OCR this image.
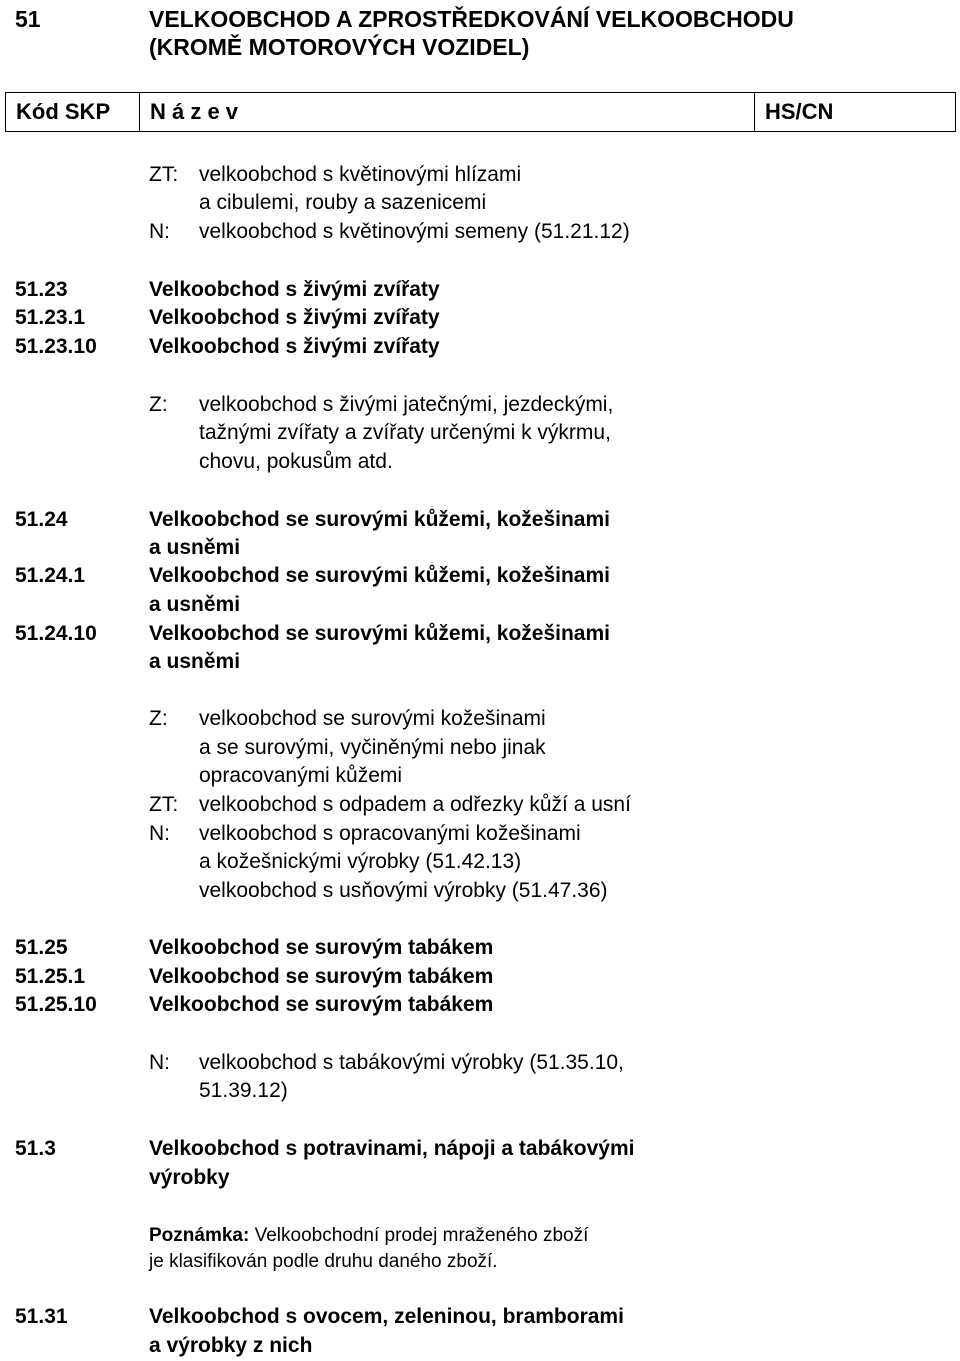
51	VELKOOBCHOD A ZPROSTŘEDKOVÁNÍ VELKOOBCHODU
(KROMĚ MOTOROVÝCH VOZIDEL)
Kód SKP	N á z e v	HS/CN
ZT: velkoobchod s květinovými hlízami
a cibulemi, rouby a sazenicemi
N: velkoobchod s květinovými semeny (51.21.12)
51.23	Velkoobchod s živými zvířaty
51.23.1	Velkoobchod s živými zvířaty
51.23.10 Velkoobchod s živými zvířaty
Z: velkoobchod s živými jatečnými, jezdeckými,
tažnými zvířaty a zvířaty určenými k výkrmu,
chovu, pokusům atd.
51.24	Velkoobchod se surovými kůžemi, kožešinami
a usněmi
51.24.1	Velkoobchod se surovými kůžemi, kožešinami
a usněmi
51.24.10 Velkoobchod se surovými kůžemi, kožešinami
a usněmi
Z: velkoobchod se surovými kožešinami
a se surovými, vyčiněnými nebo jinak
opracovanými kůžemi
ZT: velkoobchod s odpadem a odřezky kůží a usní
N: velkoobchod s opracovanými kožešinami
a kožešnickými výrobky (51.42.13)
velkoobchod s usňovými výrobky (51.47.36)
51.25	Velkoobchod se surovým tabákem
51.25.1	Velkoobchod se surovým tabákem
51.25.10 Velkoobchod se surovým tabákem
N: velkoobchod s tabákovými výrobky (51.35.10,
51.39.12)
51.3	Velkoobchod s potravinami, nápoji a tabákovými
výrobky
Poznámka: Velkoobchodní prodej mraženého zboží
je klasifikován podle druhu daného zboží.
51.31	Velkoobchod s ovocem, zeleninou, bramborami
a výrobky z nich
